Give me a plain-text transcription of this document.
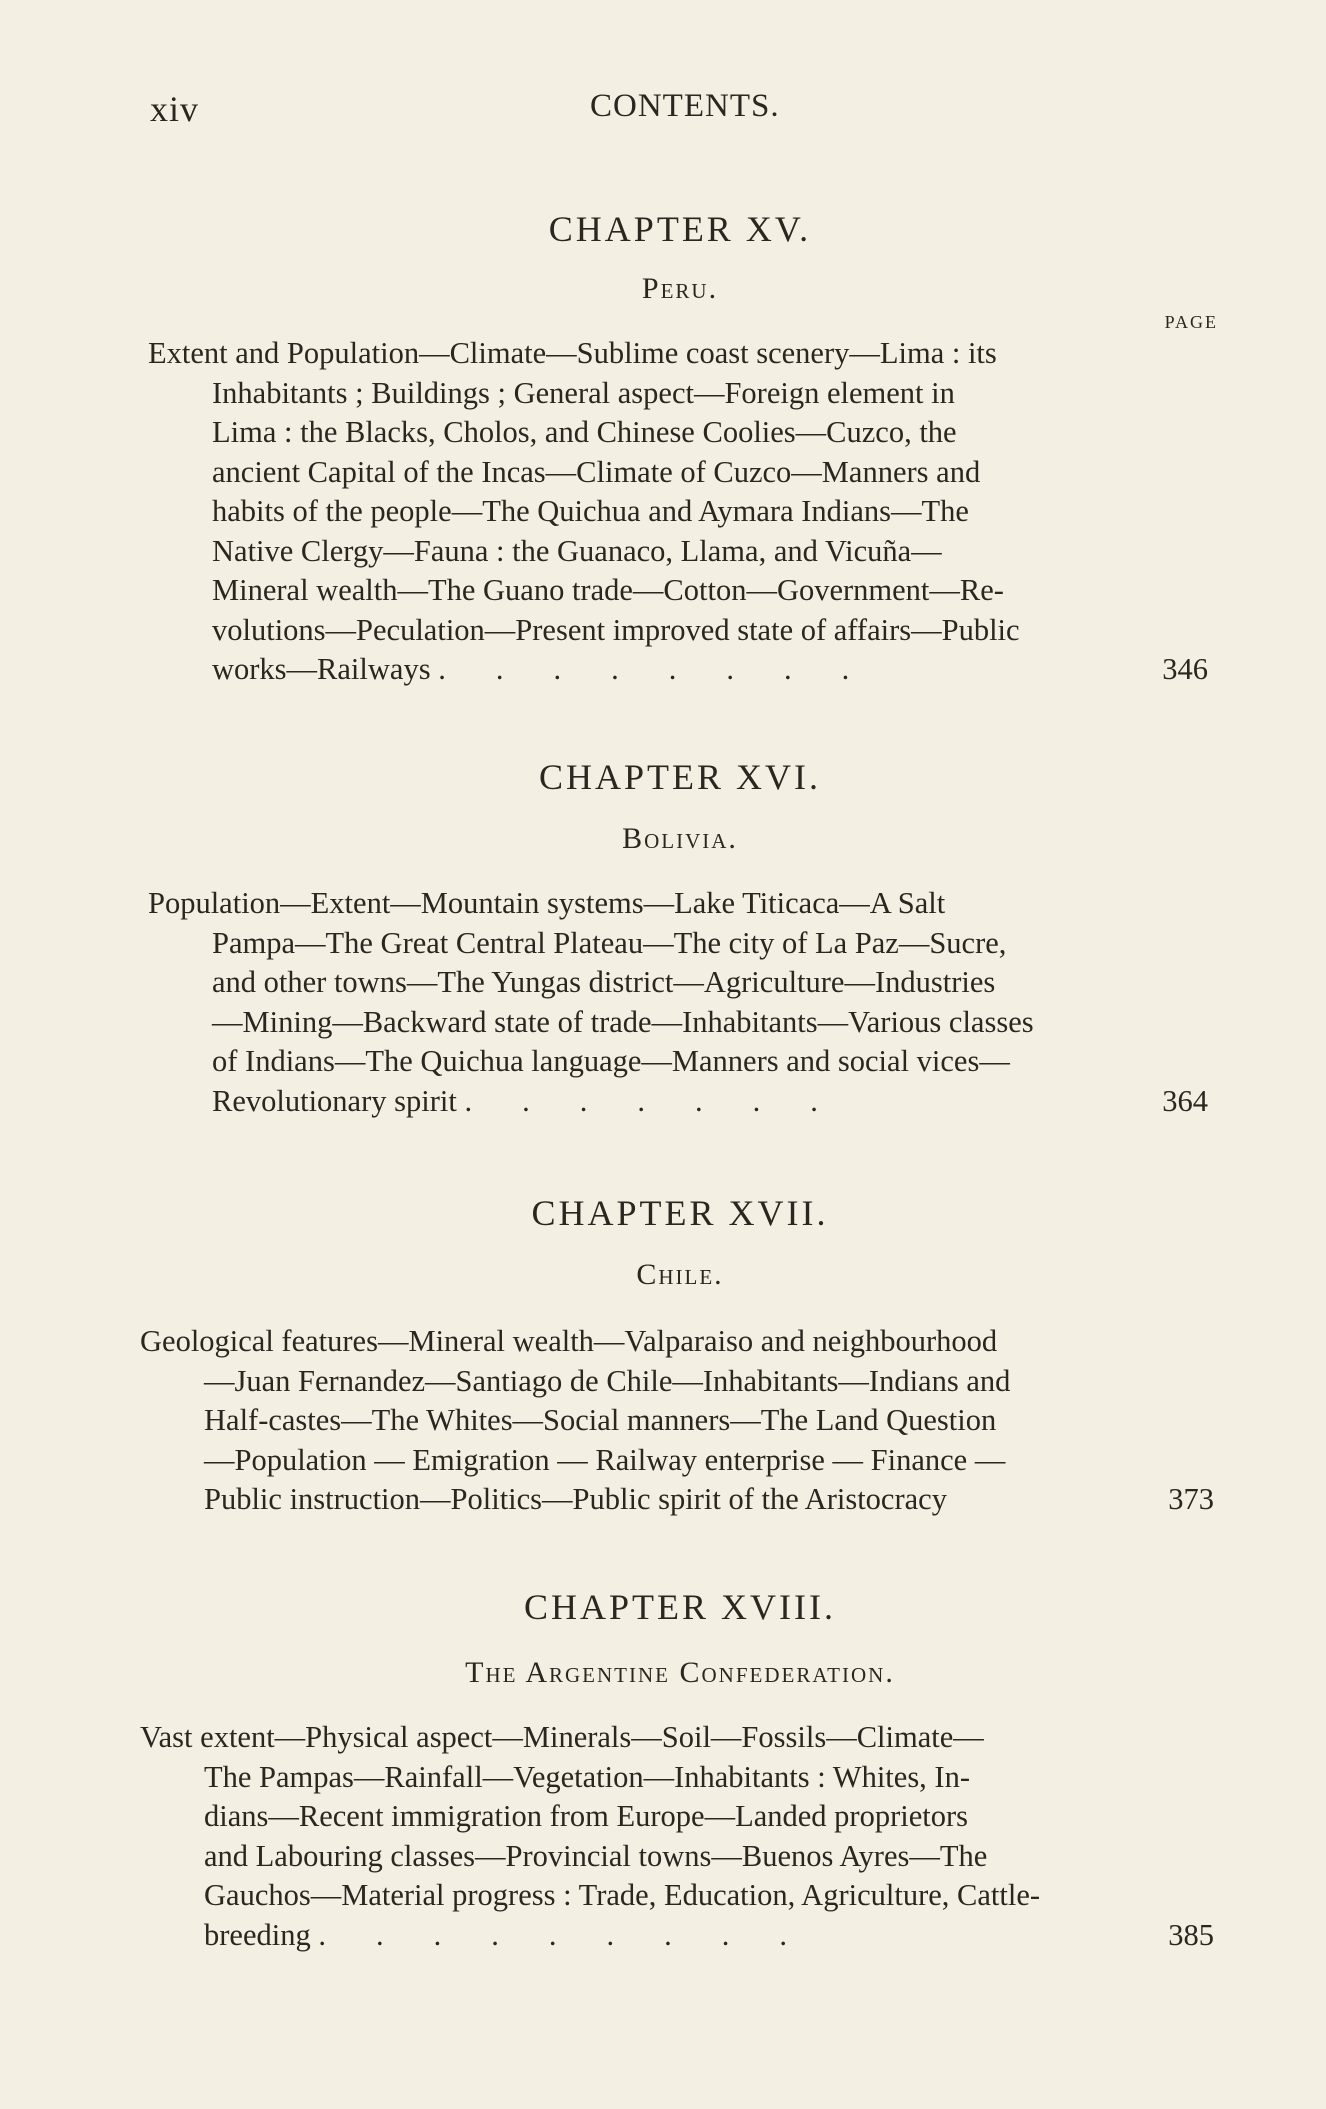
xiv	CONTENTS.
CHAPTER XV.
Peru.
PAGE
Extent and Population—Climate—Sublime coast scenery—Lima : its
Inhabitants ; Buildings ; General aspect—Foreign element in
Lima : the Blacks, Cholos, and Chinese Coolies—Cuzco, the
ancient Capital of the Incas—Climate of Cuzco—Manners and
habits of the people—The Quichua and Aymara Indians—The
Native Clergy—Fauna : the Guanaco, Llama, and Vicuña—
Mineral wealth—The Guano trade—Cotton—Government—Re-
volutions—Peculation—Present improved state of affairs—Public
works—Railways ........	346
CHAPTER XVI.
Bolivia.
Population—Extent—Mountain systems—Lake Titicaca—A Salt
Pampa—The Great Central Plateau—The city of La Paz—Sucre,
and other towns—The Yungas district—Agriculture—Industries
—Mining—Backward state of trade—Inhabitants—Various classes
of Indians—The Quichua language—Manners and social vices—
Revolutionary spirit .......	364
CHAPTER XVII.
Chile.
Geological features—Mineral wealth—Valparaiso and neighbourhood
—Juan Fernandez—Santiago de Chile—Inhabitants—Indians and
Half-castes—The Whites—Social manners—The Land Question
—Population — Emigration — Railway enterprise — Finance —
Public instruction—Politics—Public spirit of the Aristocracy	373
CHAPTER XVIII.
The Argentine Confederation.
Vast extent—Physical aspect—Minerals—Soil—Fossils—Climate—
The Pampas—Rainfall—Vegetation—Inhabitants : Whites, In-
dians—Recent immigration from Europe—Landed proprietors
and Labouring classes—Provincial towns—Buenos Ayres—The
Gauchos—Material progress : Trade, Education, Agriculture, Cattle-
breeding .........	385
